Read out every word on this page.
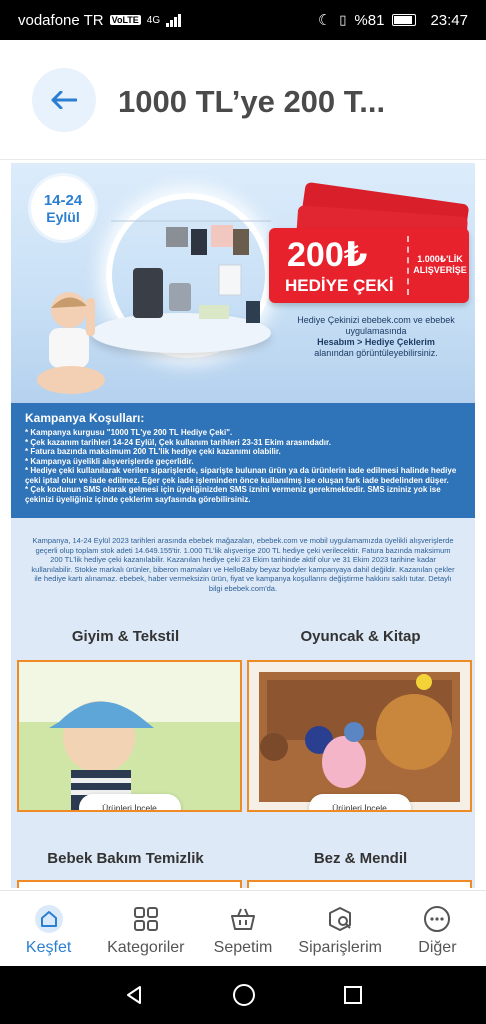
vodafone TR VoLTE 4G	☾ ▯ %81	23:47
1000 TL’ye 200 T...
14-24
Eylül
200₺
HEDİYE ÇEKİ
1.000₺'LİK ALIŞVERİŞE
Hediye Çekinizi ebebek.com ve ebebek uygulamasında
Hesabım > Hediye Çeklerim
alanından görüntüleyebilirsiniz.
Kampanya Koşulları:
* Kampanya kurgusu "1000 TL'ye 200 TL Hediye Çeki".
* Çek kazanım tarihleri 14-24 Eylül, Çek kullanım tarihleri 23-31 Ekim arasındadır.
* Fatura bazında maksimum 200 TL'lik hediye çeki kazanımı olabilir.
* Kampanya üyelikli alışverişlerde geçerlidir.
* Hediye çeki kullanılarak verilen siparişlerde, siparişte bulunan ürün ya da ürünlerin iade edilmesi halinde hediye çeki iptal olur ve iade edilmez. Eğer çek iade işleminden önce kullanılmış ise oluşan fark iade bedelinden düşer.
* Çek kodunun SMS olarak gelmesi için üyeliğinizden SMS iznini vermeniz gerekmektedir. SMS izniniz yok ise çekinizi üyeliğiniz içinde çeklerim sayfasında görebilirsiniz.
Kampanya, 14-24 Eylül 2023 tarihleri arasında ebebek mağazaları, ebebek.com ve mobil uygulamamızda üyelikli alışverişlerde geçerli olup toplam stok adeti 14.649.155'tir. 1.000 TL'lik alışverişe 200 TL hediye çeki verilecektir. Fatura bazında maksimum 200 TL'lik hediye çeki kazanılabilir. Kazanılan hediye çeki 23 Ekim tarihinde aktif olur ve 31 Ekim 2023 tarihine kadar kullanılabilir. Stokke markalı ürünler, biberon mamaları ve HelloBaby beyaz bodyler kampanyaya dahil değildir. Kazanılan çekler ile hediye kartı alınamaz. ebebek, haber vermeksizin ürün, fiyat ve kampanya koşullarını değiştirme hakkını saklı tutar. Detaylı bilgi ebebek.com'da.
Giyim & Tekstil	Oyuncak & Kitap
Ürünleri İncele	Ürünleri İncele
Bebek Bakım Temizlik	Bez & Mendil
Keşfet Kategoriler Sepetim Siparişlerim Diğer
